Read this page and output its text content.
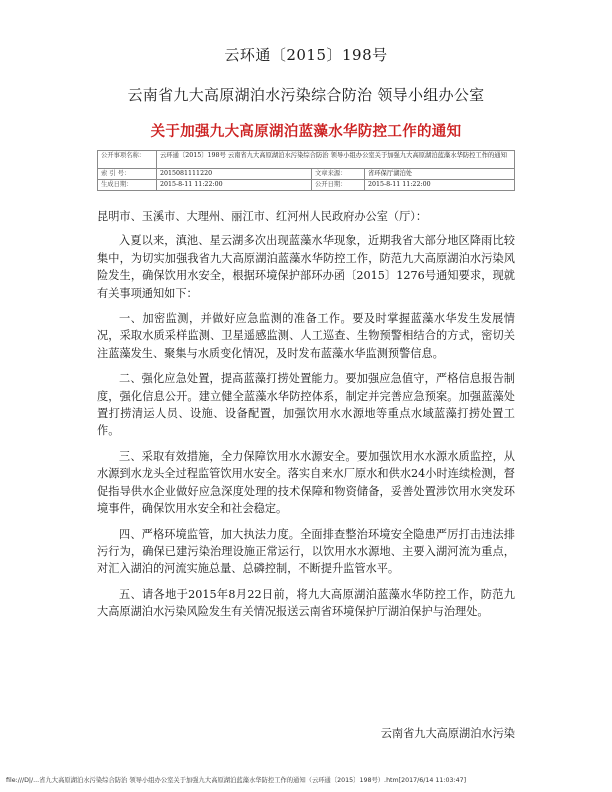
云环通〔2015〕198号
云南省九大高原湖泊水污染综合防治 领导小组办公室
关于加强九大高原湖泊蓝藻水华防控工作的通知
公开事项名称：	云环通〔2015〕198号 云南省九大高原湖泊水污染综合防治 领导小组办公室关于加强九大高原湖泊蓝藻水华防控工作的通知		
索 引 号：	2015081111220	文章来源：	省环保厅湖泊处
生成日期：	2015-8-11 11:22:00	公开日期：	2015-8-11 11:22:00

昆明市、玉溪市、大理州、丽江市、红河州人民政府办公室（厅）：

入夏以来，滇池、星云湖多次出现蓝藻水华现象，近期我省大部分地区降雨比较集中，为切实加强我省九大高原湖泊蓝藻水华防控工作，防范九大高原湖泊水污染风险发生，确保饮用水安全，根据环境保护部环办函〔2015〕1276号通知要求，现就有关事项通知如下：

一、加密监测，并做好应急监测的准备工作。要及时掌握蓝藻水华发生发展情况，采取水质采样监测、卫星遥感监测、人工巡查、生物预警相结合的方式，密切关注蓝藻发生、聚集与水质变化情况，及时发布蓝藻水华监测预警信息。

二、强化应急处置，提高蓝藻打捞处置能力。要加强应急值守，严格信息报告制度，强化信息公开。建立健全蓝藻水华防控体系，制定并完善应急预案。加强蓝藻处置打捞清运人员、设施、设备配置，加强饮用水水源地等重点水域蓝藻打捞处置工作。

三、采取有效措施，全力保障饮用水水源安全。要加强饮用水水源水质监控，从水源到水龙头全过程监管饮用水安全。落实自来水厂原水和供水24小时连续检测，督促指导供水企业做好应急深度处理的技术保障和物资储备，妥善处置涉饮用水突发环境事件，确保饮用水安全和社会稳定。

四、严格环境监管，加大执法力度。全面排查整治环境安全隐患严厉打击违法排污行为，确保已建污染治理设施正常运行，以饮用水水源地、主要入湖河流为重点，对汇入湖泊的河流实施总量、总磷控制，不断提升监管水平。

五、请各地于2015年8月22日前，将九大高原湖泊蓝藻水华防控工作，防范九大高原湖泊水污染风险发生有关情况报送云南省环境保护厅湖泊保护与治理处。

云南省九大高原湖泊水污染
file:///D|/...省九大高原湖泊水污染综合防治 领导小组办公室关于加强九大高原湖泊蓝藻水华防控工作的通知（云环通〔2015〕198号）.htm[2017/6/14 11:03:47]
